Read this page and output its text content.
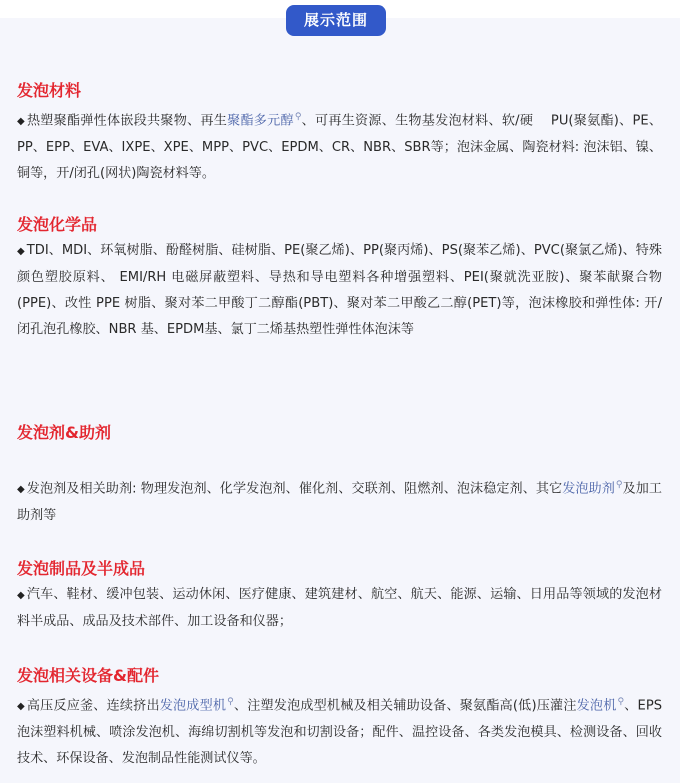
展示范围
发泡材料

◆ 热塑聚酯弹性体嵌段共聚物、再生聚酯多元醇⚲、可再生资源、生物基发泡材料、软/硬　 PU(聚氨酯)、PE、PP、EPP、EVA、IXPE、XPE、MPP、PVC、EPDM、CR、NBR、SBR等；泡沫金属、陶瓷材料: 泡沫铝、镍、铜等，开/闭孔(网状)陶瓷材料等。

发泡化学品

◆ TDI、MDI、环氧树脂、酚醛树脂、硅树脂、PE(聚乙烯)、PP(聚丙烯)、PS(聚苯乙烯)、PVC(聚氯乙烯)、特殊颜色塑胶原料、 EMI/RH 电磁屏蔽塑料、导热和导电塑料各种增强塑料、PEI(聚就洗亚胺)、聚苯献聚合物(PPE)、改性 PPE 树脂、聚对苯二甲酸丁二醇酯(PBT)、聚对苯二甲酸乙二醇(PET)等，泡沫橡胶和弹性体: 开/闭孔泡孔橡胶、NBR 基、EPDM基、氯丁二烯基热塑性弹性体泡沫等

发泡剂&助剂

◆ 发泡剂及相关助剂: 物理发泡剂、化学发泡剂、催化剂、交联剂、阻燃剂、泡沫稳定剂、其它发泡助剂⚲及加工助剂等

发泡制品及半成品

◆ 汽车、鞋材、缓冲包装、运动休闲、医疗健康、建筑建材、航空、航天、能源、运输、日用品等领域的发泡材料半成品、成品及技术部件、加工设备和仪器；

发泡相关设备&配件

◆ 高压反应釜、连续挤出发泡成型机⚲、注塑发泡成型机械及相关辅助设备、聚氨酯高(低)压灌注发泡机⚲、EPS 泡沫塑料机械、喷涂发泡机、海绵切割机等发泡和切割设备；配件、温控设备、各类发泡模具、检测设备、回收技术、环保设备、发泡制品性能测试仪等。
